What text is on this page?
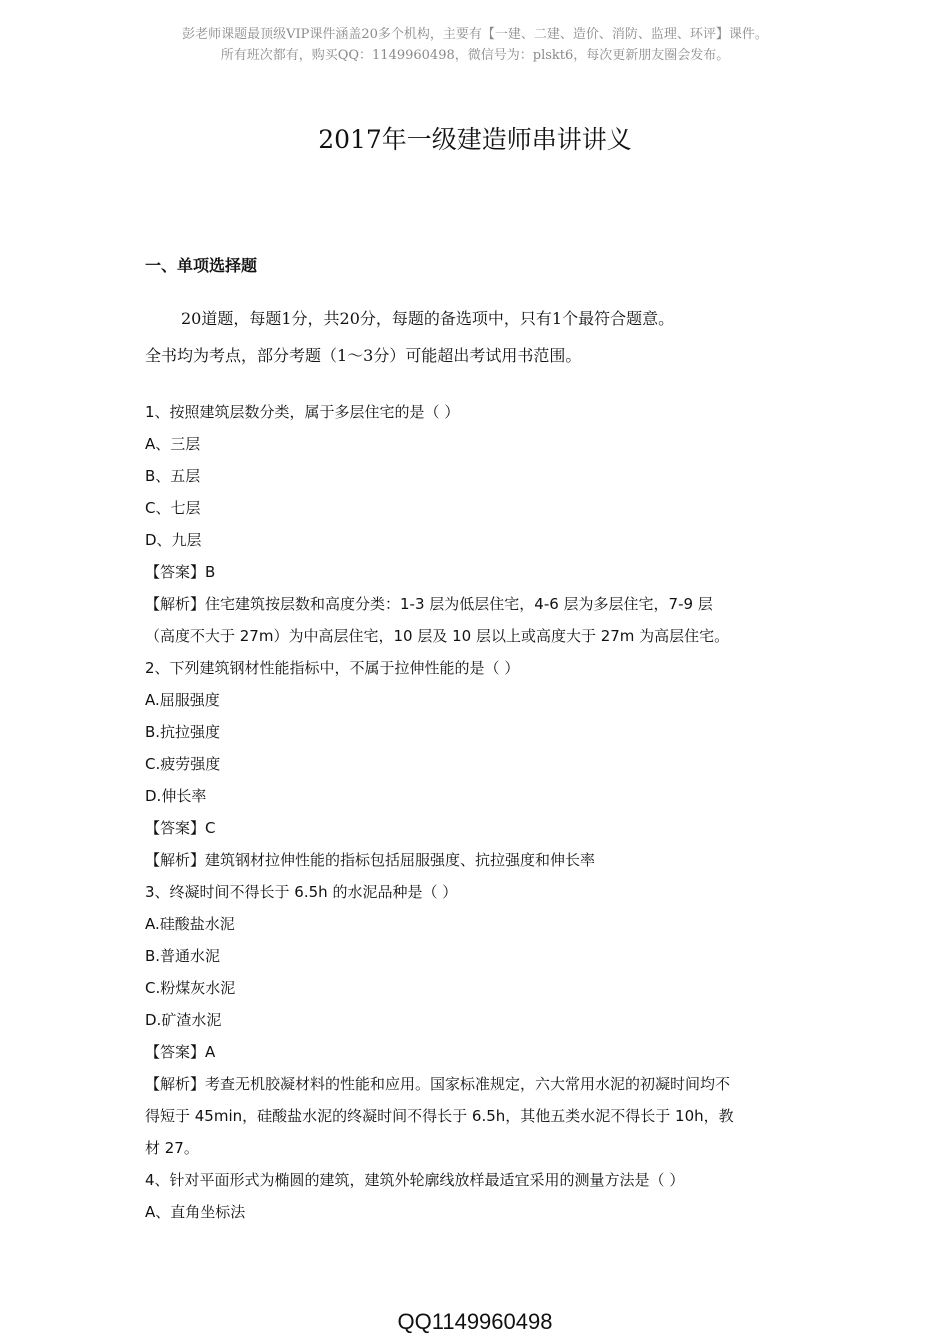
彭老师课题最顶级VIP课件涵盖20多个机构，主要有【一建、二建、造价、消防、监理、环评】课件。
所有班次都有，购买QQ：1149960498，微信号为：plskt6，每次更新朋友圈会发布。
2017年一级建造师串讲讲义
一、单项选择题
20道题，每题1分，共20分，每题的备选项中，只有1个最符合题意。
全书均为考点，部分考题（1～3分）可能超出考试用书范围。
1、按照建筑层数分类，属于多层住宅的是（ ）
A、三层
B、五层
C、七层
D、九层
【答案】B
【解析】住宅建筑按层数和高度分类：1-3 层为低层住宅，4-6 层为多层住宅，7-9 层
（高度不大于 27m）为中高层住宅，10 层及 10 层以上或高度大于 27m 为高层住宅。
2、下列建筑钢材性能指标中，不属于拉伸性能的是（ ）
A.屈服强度
B.抗拉强度
C.疲劳强度
D.伸长率
【答案】C
【解析】建筑钢材拉伸性能的指标包括屈服强度、抗拉强度和伸长率
3、终凝时间不得长于 6.5h 的水泥品种是（ ）
A.硅酸盐水泥
B.普通水泥
C.粉煤灰水泥
D.矿渣水泥
【答案】A
【解析】考查无机胶凝材料的性能和应用。国家标准规定，六大常用水泥的初凝时间均不
得短于 45min，硅酸盐水泥的终凝时间不得长于 6.5h，其他五类水泥不得长于 10h，教
材 27。
4、针对平面形式为椭圆的建筑，建筑外轮廓线放样最适宜采用的测量方法是（ ）
A、直角坐标法
QQ1149960498
